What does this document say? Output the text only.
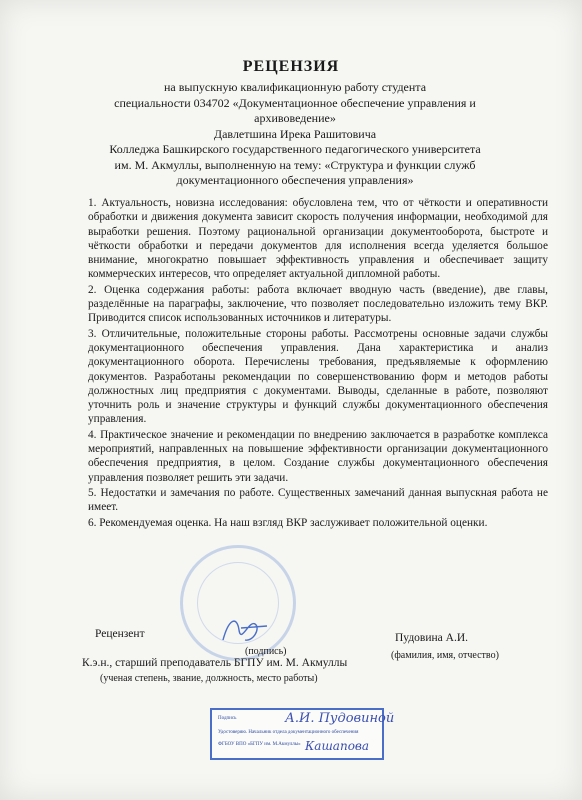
РЕЦЕНЗИЯ
на выпускную квалификационную работу студента
специальности 034702 «Документационное обеспечение управления и
архивоведение»
Давлетшина Ирека Рашитовича
Колледжа Башкирского государственного педагогического университета
им. М. Акмуллы, выполненную на тему: «Структура и функции служб
документационного обеспечения управления»

1. Актуальность, новизна исследования: обусловлена тем, что от чёткости и оперативности обработки и движения документа зависит скорость получения информации, необходимой для выработки решения. Поэтому рациональной организации документооборота, быстроте и чёткости обработки и передачи документов для исполнения всегда уделяется большое внимание, многократно повышает эффективность управления и обеспечивает защиту коммерческих интересов, что определяет актуальной дипломной работы.

2. Оценка содержания работы: работа включает вводную часть (введение), две главы, разделённые на параграфы, заключение, что позволяет последовательно изложить тему ВКР. Приводится список использованных источников и литературы.

3. Отличительные, положительные стороны работы. Рассмотрены основные задачи службы документационного обеспечения управления. Дана характеристика и анализ документационного оборота. Перечислены требования, предъявляемые к оформлению документов. Разработаны рекомендации по совершенствованию форм и методов работы должностных лиц предприятия с документами. Выводы, сделанные в работе, позволяют уточнить роль и значение структуры и функций службы документационного обеспечения управления.

4. Практическое значение и рекомендации по внедрению заключается в разработке комплекса мероприятий, направленных на повышение эффективности организации документационного обеспечения предприятия, в целом. Создание службы документационного обеспечения управления позволяет решить эти задачи.

5. Недостатки и замечания по работе. Существенных замечаний данная выпускная работа не имеет.

6. Рекомендуемая оценка. На наш взгляд ВКР заслуживает положительной оценки.

Рецензент
(подпись)
Пудовина А.И.
(фамилия, имя, отчество)
К.э.н., старший преподаватель БГПУ им. М. Акмуллы
(ученая степень, звание, должность, место работы)
Подпись
Удостоверяю. Начальник отдела документационного обеспечения
ФГБОУ ВПО «БГПУ им. М.Акмуллы»
А.И. Пудовиной
Кашапова
